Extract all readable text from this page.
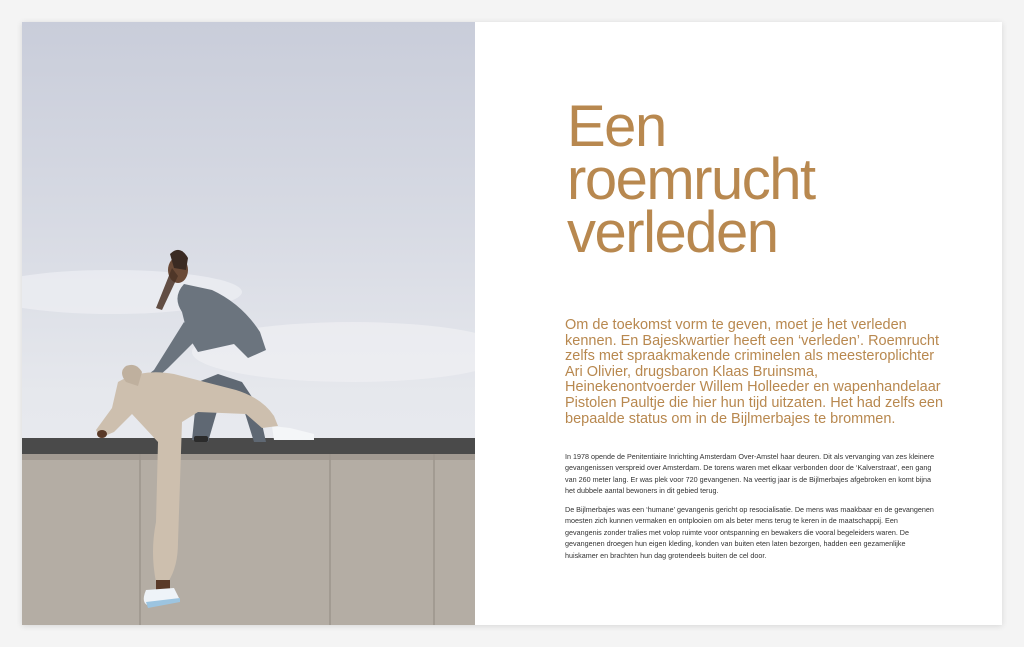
Een
roemrucht
verleden

Om de toekomst vorm te geven, moet je het verleden kennen. En Bajeskwartier heeft een ‘verleden’. Roemrucht zelfs met spraakmakende criminelen als meesteroplichter Ari Olivier, drugsbaron Klaas Bruinsma, Heinekenontvoerder Willem Holleeder en wapenhandelaar Pistolen Paultje die hier hun tijd uitzaten. Het had zelfs een bepaalde status om in de Bijlmerbajes te brommen.

In 1978 opende de Penitentiaire Inrichting Amsterdam Over-Amstel haar deuren. Dit als vervanging van zes kleinere gevangenissen verspreid over Amsterdam. De torens waren met elkaar verbonden door de ‘Kalverstraat’, een gang van 260 meter lang. Er was plek voor 720 gevangenen. Na veertig jaar is de Bijlmerbajes afgebroken en komt bijna het dubbele aantal bewoners in dit gebied terug.

De Bijlmerbajes was een ‘humane’ gevangenis gericht op resocialisatie. De mens was maakbaar en de gevangenen moesten zich kunnen vermaken en ontplooien om als beter mens terug te keren in de maatschappij. Een gevangenis zonder tralies met volop ruimte voor ontspanning en bewakers die vooral begeleiders waren. De gevangenen droegen hun eigen kleding, konden van buiten eten laten bezorgen, hadden een gezamenlijke huiskamer en brachten hun dag grotendeels buiten de cel door.
